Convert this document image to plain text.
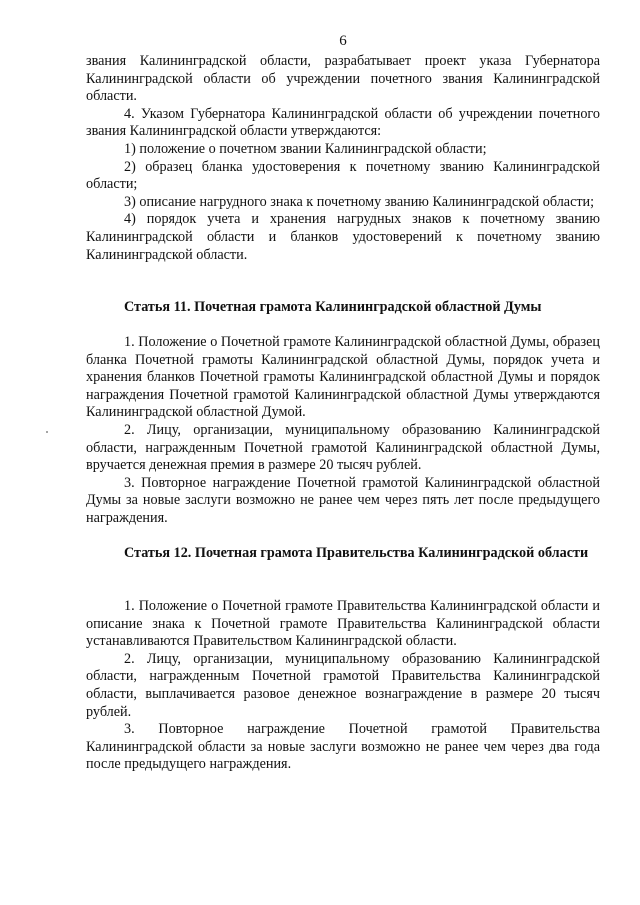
6

звания Калининградской области, разрабатывает проект указа Губернатора Калининградской области об учреждении почетного звания Калининградской области.

4. Указом Губернатора Калининградской области об учреждении почетного звания Калининградской области утверждаются:

1) положение о почетном звании Калининградской области;

2) образец бланка удостоверения к почетному званию Калининградской области;

3) описание нагрудного знака к почетному званию Калининградской области;

4) порядок учета и хранения нагрудных знаков к почетному званию Калининградской области и бланков удостоверений к почетному званию Калининградской области.

Статья 11. Почетная грамота Калининградской областной Думы

1. Положение о Почетной грамоте Калининградской областной Думы, образец бланка Почетной грамоты Калининградской областной Думы, порядок учета и хранения бланков Почетной грамоты Калининградской областной Думы и порядок награждения Почетной грамотой Калининградской областной Думы утверждаются Калининградской областной Думой.

2. Лицу, организации, муниципальному образованию Калининградской области, награжденным Почетной грамотой Калининградской областной Думы, вручается денежная премия в размере 20 тысяч рублей.

3. Повторное награждение Почетной грамотой Калининградской областной Думы за новые заслуги возможно не ранее чем через пять лет после предыдущего награждения.

Статья 12. Почетная грамота Правительства Калининградской области

1. Положение о Почетной грамоте Правительства Калининградской области и описание знака к Почетной грамоте Правительства Калининградской области устанавливаются Правительством Калининградской области.

2. Лицу, организации, муниципальному образованию Калининградской области, награжденным Почетной грамотой Правительства Калининградской области, выплачивается разовое денежное вознаграждение в размере 20 тысяч рублей.

3. Повторное награждение Почетной грамотой Правительства Калининградской области за новые заслуги возможно не ранее чем через два года после предыдущего награждения.
